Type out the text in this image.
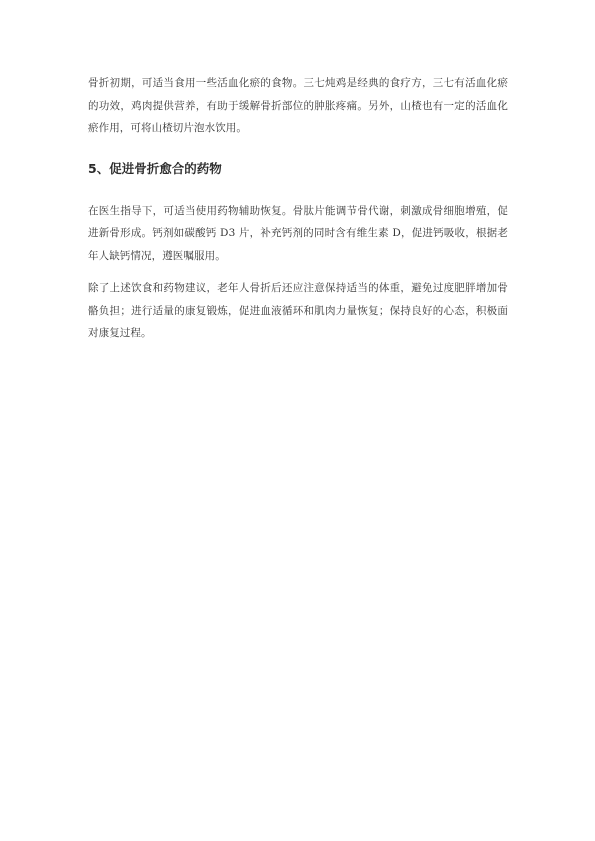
骨折初期，可适当食用一些活血化瘀的食物。三七炖鸡是经典的食疗方，三七有活血化瘀的功效，鸡肉提供营养，有助于缓解骨折部位的肿胀疼痛。另外，山楂也有一定的活血化瘀作用，可将山楂切片泡水饮用。

5、促进骨折愈合的药物

在医生指导下，可适当使用药物辅助恢复。骨肽片能调节骨代谢，刺激成骨细胞增殖，促进新骨形成。钙剂如碳酸钙 D3 片，补充钙剂的同时含有维生素 D，促进钙吸收，根据老年人缺钙情况，遵医嘱服用。

除了上述饮食和药物建议，老年人骨折后还应注意保持适当的体重，避免过度肥胖增加骨骼负担；进行适量的康复锻炼，促进血液循环和肌肉力量恢复；保持良好的心态，积极面对康复过程。
